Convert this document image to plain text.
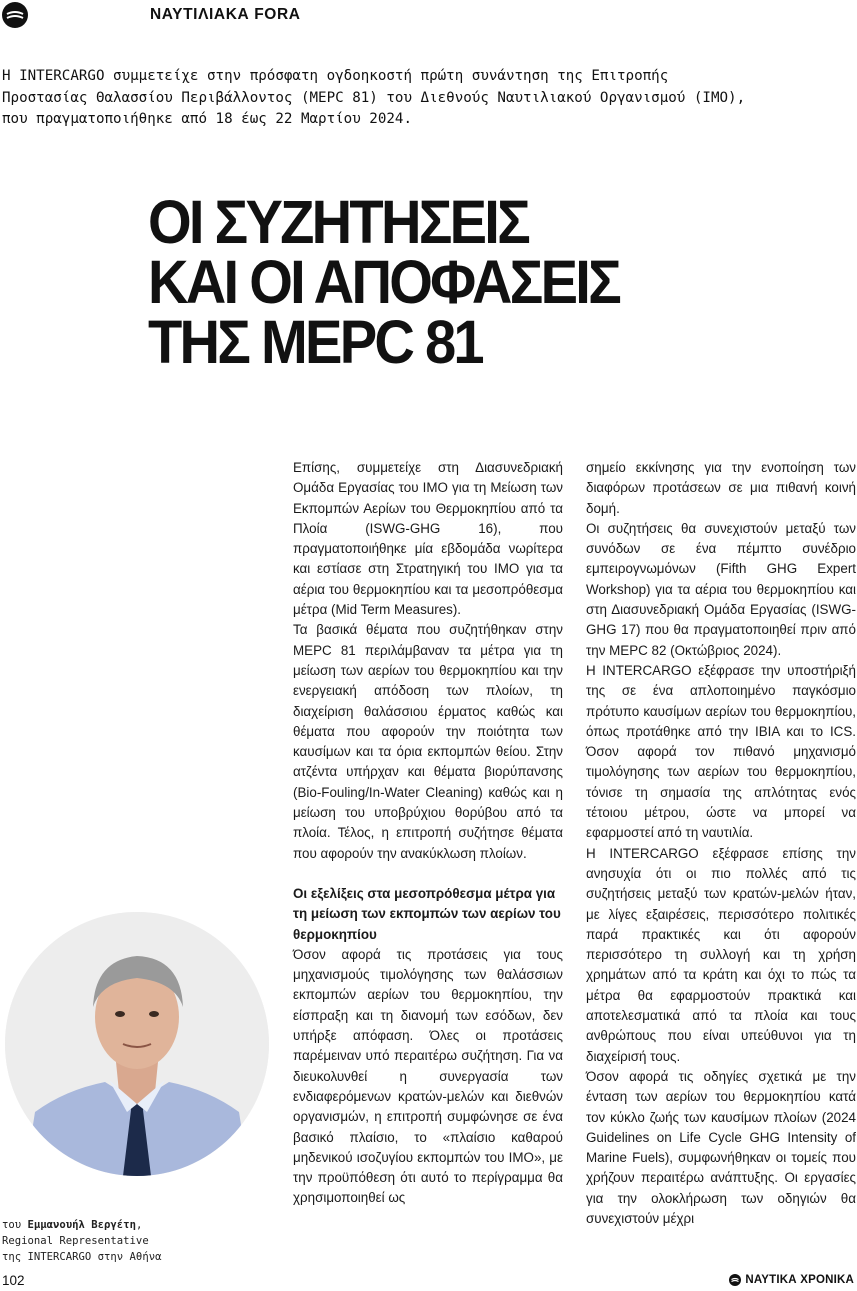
ΝΑΥΤΙΛΙΑΚΑ FORA
Η INTERCARGO συμμετείχε στην πρόσφατη ογδοηκοστή πρώτη συνάντηση της Επιτροπής
Προστασίας Θαλασσίου Περιβάλλοντος (MEPC 81) του Διεθνούς Ναυτιλιακού Οργανισμού (IMO),
που πραγματοποιήθηκε από 18 έως 22 Μαρτίου 2024.
ΟΙ ΣΥΖΗΤΗΣΕΙΣ
ΚΑΙ ΟΙ ΑΠΟΦΑΣΕΙΣ
ΤΗΣ MEPC 81

Επίσης, συμμετείχε στη Διασυνεδριακή Ομάδα Εργασίας του IMO για τη Μείωση των Εκπομπών Αερίων του Θερμοκηπίου από τα Πλοία (ISWG-GHG 16), που πραγματοποιήθηκε μία εβδομάδα νωρίτερα και εστίασε στη Στρατηγική του IMO για τα αέρια του θερμοκηπίου και τα μεσοπρόθεσμα μέτρα (Mid Term Measures).

Τα βασικά θέματα που συζητήθηκαν στην MEPC 81 περιλάμβαναν τα μέτρα για τη μείωση των αερίων του θερμοκηπίου και την ενεργειακή απόδοση των πλοίων, τη διαχείριση θαλάσσιου έρματος καθώς και θέματα που αφορούν την ποιότητα των καυσίμων και τα όρια εκπομπών θείου. Στην ατζέντα υπήρχαν και θέματα βιορύπανσης (Bio-Fouling/In-Water Cleaning) καθώς και η μείωση του υποβρύχιου θορύβου από τα πλοία. Τέλος, η επιτροπή συζήτησε θέματα που αφορούν την ανακύκλωση πλοίων.

Οι εξελίξεις στα μεσοπρόθεσμα μέτρα για τη μείωση των εκπομπών των αερίων του θερμοκηπίου

Όσον αφορά τις προτάσεις για τους μηχανισμούς τιμολόγησης των θαλάσσιων εκπομπών αερίων του θερμοκηπίου, την είσπραξη και τη διανομή των εσόδων, δεν υπήρξε απόφαση. Όλες οι προτάσεις παρέμειναν υπό περαιτέρω συζήτηση. Για να διευκολυνθεί η συνεργασία των ενδιαφερόμενων κρατών-μελών και διεθνών οργανισμών, η επιτροπή συμφώνησε σε ένα βασικό πλαίσιο, το «πλαίσιο καθαρού μηδενικού ισοζυγίου εκπομπών του IMO», με την προϋπόθεση ότι αυτό το περίγραμμα θα χρησιμοποιηθεί ως

σημείο εκκίνησης για την ενοποίηση των διαφόρων προτάσεων σε μια πιθανή κοινή δομή.

Οι συζητήσεις θα συνεχιστούν μεταξύ των συνόδων σε ένα πέμπτο συνέδριο εμπειρογνωμόνων (Fifth GHG Expert Workshop) για τα αέρια του θερμοκηπίου και στη Διασυνεδριακή Ομάδα Εργασίας (ISWG-GHG 17) που θα πραγματοποιηθεί πριν από την MEPC 82 (Οκτώβριος 2024).

Η INTERCARGO εξέφρασε την υποστήριξή της σε ένα απλοποιημένο παγκόσμιο πρότυπο καυσίμων αερίων του θερμοκηπίου, όπως προτάθηκε από την IBIA και το ICS. Όσον αφορά τον πιθανό μηχανισμό τιμολόγησης των αερίων του θερμοκηπίου, τόνισε τη σημασία της απλότητας ενός τέτοιου μέτρου, ώστε να μπορεί να εφαρμοστεί από τη ναυτιλία.

Η INTERCARGO εξέφρασε επίσης την ανησυχία ότι οι πιο πολλές από τις συζητήσεις μεταξύ των κρατών-μελών ήταν, με λίγες εξαιρέσεις, περισσότερο πολιτικές παρά πρακτικές και ότι αφορούν περισσότερο τη συλλογή και τη χρήση χρημάτων από τα κράτη και όχι το πώς τα μέτρα θα εφαρμοστούν πρακτικά και αποτελεσματικά από τα πλοία και τους ανθρώπους που είναι υπεύθυνοι για τη διαχείρισή τους.

Όσον αφορά τις οδηγίες σχετικά με την ένταση των αερίων του θερμοκηπίου κατά τον κύκλο ζωής των καυσίμων πλοίων (2024 Guidelines on Life Cycle GHG Intensity of Marine Fuels), συμφωνήθηκαν οι τομείς που χρήζουν περαιτέρω ανάπτυξης. Οι εργασίες για την ολοκλήρωση των οδηγιών θα συνεχιστούν μέχρι

του Εμμανουήλ Βεργέτη,
Regional Representative
της INTERCARGO στην Αθήνα
102	ΝΑΥΤΙΚΑ ΧΡΟΝΙΚΑ
